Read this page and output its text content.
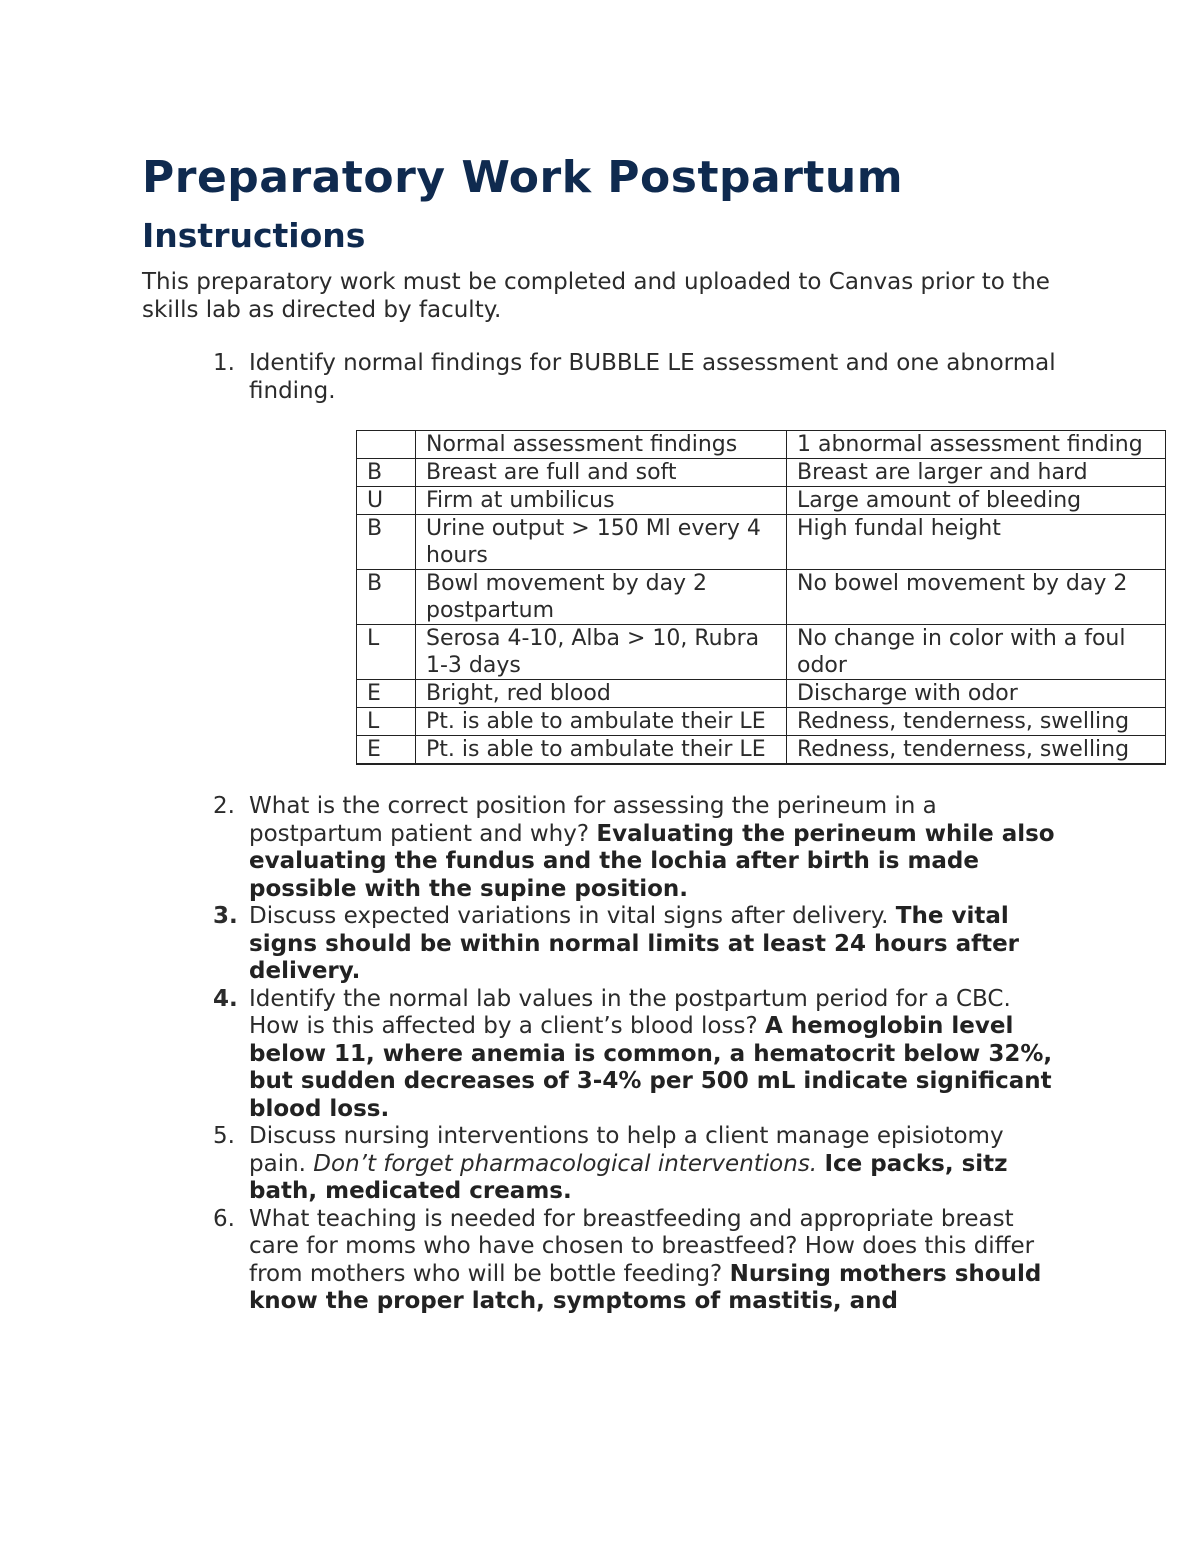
Preparatory Work Postpartum
Instructions

This preparatory work must be completed and uploaded to Canvas prior to the skills lab as directed by faculty.

1. Identify normal findings for BUBBLE LE assessment and one abnormal finding.
	Normal assessment findings	1 abnormal assessment finding
B	Breast are full and soft	Breast are larger and hard
U	Firm at umbilicus	Large amount of bleeding
B	Urine output > 150 Ml every 4 hours	High fundal height
B	Bowl movement by day 2 postpartum	No bowel movement by day 2
L	Serosa 4-10, Alba > 10, Rubra 1-3 days	No change in color with a foul odor
E	Bright, red blood	Discharge with odor
L	Pt. is able to ambulate their LE	Redness, tenderness, swelling
E	Pt. is able to ambulate their LE	Redness, tenderness, swelling
2. What is the correct position for assessing the perineum in a postpartum patient and why? Evaluating the perineum while also evaluating the fundus and the lochia after birth is made possible with the supine position.
3. Discuss expected variations in vital signs after delivery. The vital signs should be within normal limits at least 24 hours after delivery.
4. Identify the normal lab values in the postpartum period for a CBC. How is this affected by a client’s blood loss? A hemoglobin level below 11, where anemia is common, a hematocrit below 32%, but sudden decreases of 3-4% per 500 mL indicate significant blood loss.
5. Discuss nursing interventions to help a client manage episiotomy pain. Don’t forget pharmacological interventions. Ice packs, sitz bath, medicated creams.
6. What teaching is needed for breastfeeding and appropriate breast care for moms who have chosen to breastfeed? How does this differ from mothers who will be bottle feeding? Nursing mothers should know the proper latch, symptoms of mastitis, and
